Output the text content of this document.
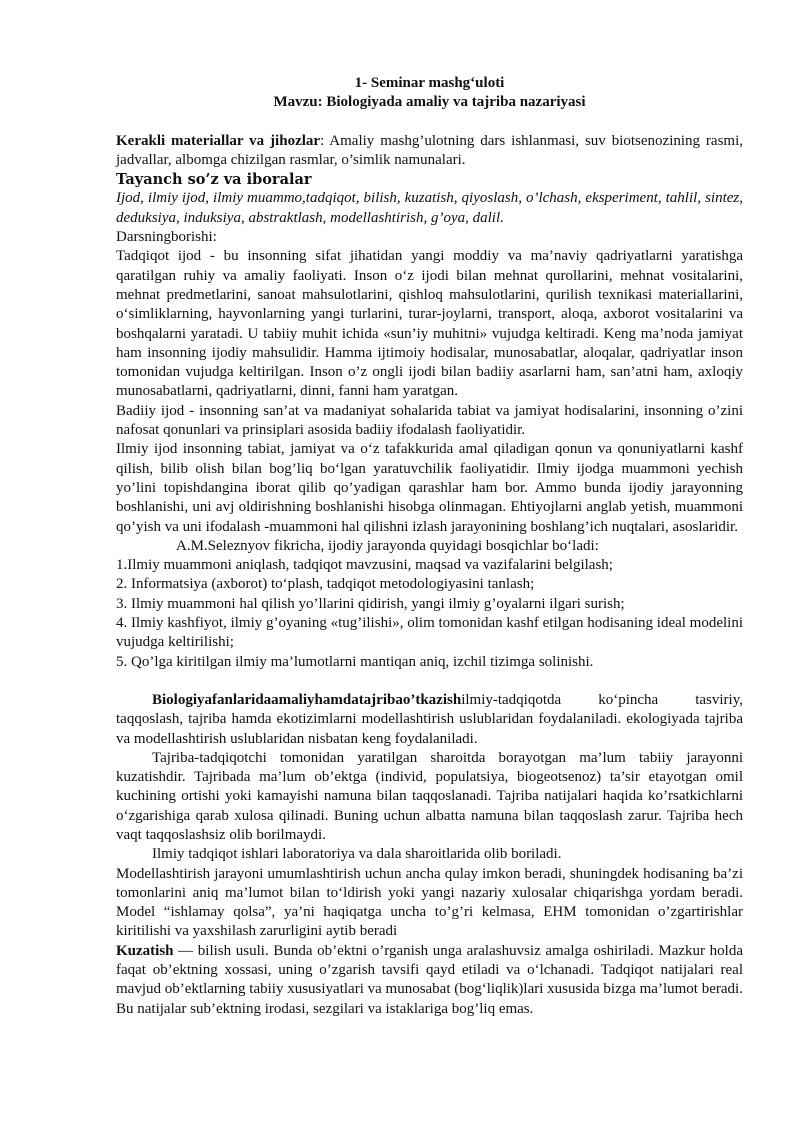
1- Seminar mashg‘uloti

Mavzu: Biologiyada amaliy va tajriba nazariyasi

Kerakli materiallar va jihozlar: Amaliy mashg’ulotning dars ishlanmasi, suv biotsenozining rasmi, jadvallar, albomga chizilgan rasmlar, o’simlik namunalari.

Tayanch so’z va iboralar

Ijod, ilmiy ijod, ilmiy muammo,tadqiqot, bilish, kuzatish, qiyoslash, o’lchash, eksperiment, tahlil, sintez, deduksiya, induksiya, abstraktlash, modellashtirish, g’oya, dalil.

Darsningborishi:

Tadqiqot ijod - bu insonning sifat jihatidan yangi moddiy va ma’naviy qadriyatlarni yaratishga qaratilgan ruhiy va amaliy faoliyati. Inson o‘z ijodi bilan mehnat qurollarini, mehnat vositalarini, mehnat predmetlarini, sanoat mahsulotlarini, qishloq mahsulotlarini, qurilish texnikasi materiallarini, o‘simliklarning, hayvonlarning yangi turlarini, turar-joylarni, transport, aloqa, axborot vositalarini va boshqalarni yaratadi. U tabiiy muhit ichida «sun’iy muhitni» vujudga keltiradi. Keng ma’noda jamiyat ham insonning ijodiy mahsulidir. Hamma ijtimoiy hodisalar, munosabatlar, aloqalar, qadriyatlar inson tomonidan vujudga keltirilgan. Inson o’z ongli ijodi bilan badiiy asarlarni ham, san’atni ham, axloqiy munosabatlarni, qadriyatlarni, dinni, fanni ham yaratgan.

Badiiy ijod - insonning san’at va madaniyat sohalarida tabiat va jamiyat hodisalarini, insonning o’zini nafosat qonunlari va prinsiplari asosida badiiy ifodalash faoliyatidir.

Ilmiy ijod insonning tabiat, jamiyat va o‘z tafakkurida amal qiladigan qonun va qonuniyatlarni kashf qilish, bilib olish bilan bog’liq bo‘lgan yaratuvchilik faoliyatidir. Ilmiy ijodga muammoni yechish yo’lini topishdangina iborat qilib qo’yadigan qarashlar ham bor. Ammo bunda ijodiy jarayonning boshlanishi, uni avj oldirishning boshlanishi hisobga olinmagan. Ehtiyojlarni anglab yetish, muammoni qo’yish va uni ifodalash -muammoni hal qilishni izlash jarayonining boshlang’ich nuqtalari, asoslaridir.

A.M.Seleznyov fikricha, ijodiy jarayonda quyidagi bosqichlar bo‘ladi:

1.Ilmiy muammoni aniqlash, tadqiqot mavzusini, maqsad va vazifalarini belgilash;

2. Informatsiya (axborot) to‘plash, tadqiqot metodologiyasini tanlash;

3. Ilmiy muammoni hal qilish yo’llarini qidirish, yangi ilmiy g’oyalarni ilgari surish;

4. Ilmiy kashfiyot, ilmiy g’oyaning «tug’ilishi», olim tomonidan kashf etilgan hodisaning ideal modelini vujudga keltirilishi;

5. Qo’lga kiritilgan ilmiy ma’lumotlarni mantiqan aniq, izchil tizimga solinishi.

Biologiyafanlaridaamaliyhamdatajribao’tkazishilmiy-tadqiqotda ko‘pincha tasviriy, taqqoslash, tajriba hamda ekotizimlarni modellashtirish uslublaridan foydalaniladi. ekologiyada tajriba va modellashtirish uslublaridan nisbatan keng foydalaniladi.

Tajriba-tadqiqotchi tomonidan yaratilgan sharoitda borayotgan ma’lum tabiiy jarayonni kuzatishdir. Tajribada ma’lum ob’ektga (individ, populatsiya, biogeotsenoz) ta’sir etayotgan omil kuchining ortishi yoki kamayishi namuna bilan taqqoslanadi. Tajriba natijalari haqida ko’rsatkichlarni o‘zgarishiga qarab xulosa qilinadi. Buning uchun albatta namuna bilan taqqoslash zarur. Tajriba hech vaqt taqqoslashsiz olib borilmaydi.

Ilmiy tadqiqot ishlari laboratoriya va dala sharoitlarida olib boriladi.

Modellashtirish jarayoni umumlashtirish uchun ancha qulay imkon beradi, shuningdek hodisaning ba’zi tomonlarini aniq ma’lumot bilan to‘ldirish yoki yangi nazariy xulosalar chiqarishga yordam beradi. Model “ishlamay qolsa”, ya’ni haqiqatga uncha to’g’ri kelmasa, EHM tomonidan o’zgartirishlar kiritilishi va yaxshilash zarurligini aytib beradi

Kuzatish — bilish usuli. Bunda ob’ektni o’rganish unga aralashuvsiz amalga oshiriladi. Mazkur holda faqat ob’ektning xossasi, uning o’zgarish tavsifi qayd etiladi va o‘lchanadi. Tadqiqot natijalari real mavjud ob’ektlarning tabiiy xususiyatlari va munosabat (bog‘liqlik)lari xususida bizga ma’lumot beradi.

Bu natijalar sub’ektning irodasi, sezgilari va istaklariga bog’liq emas.
